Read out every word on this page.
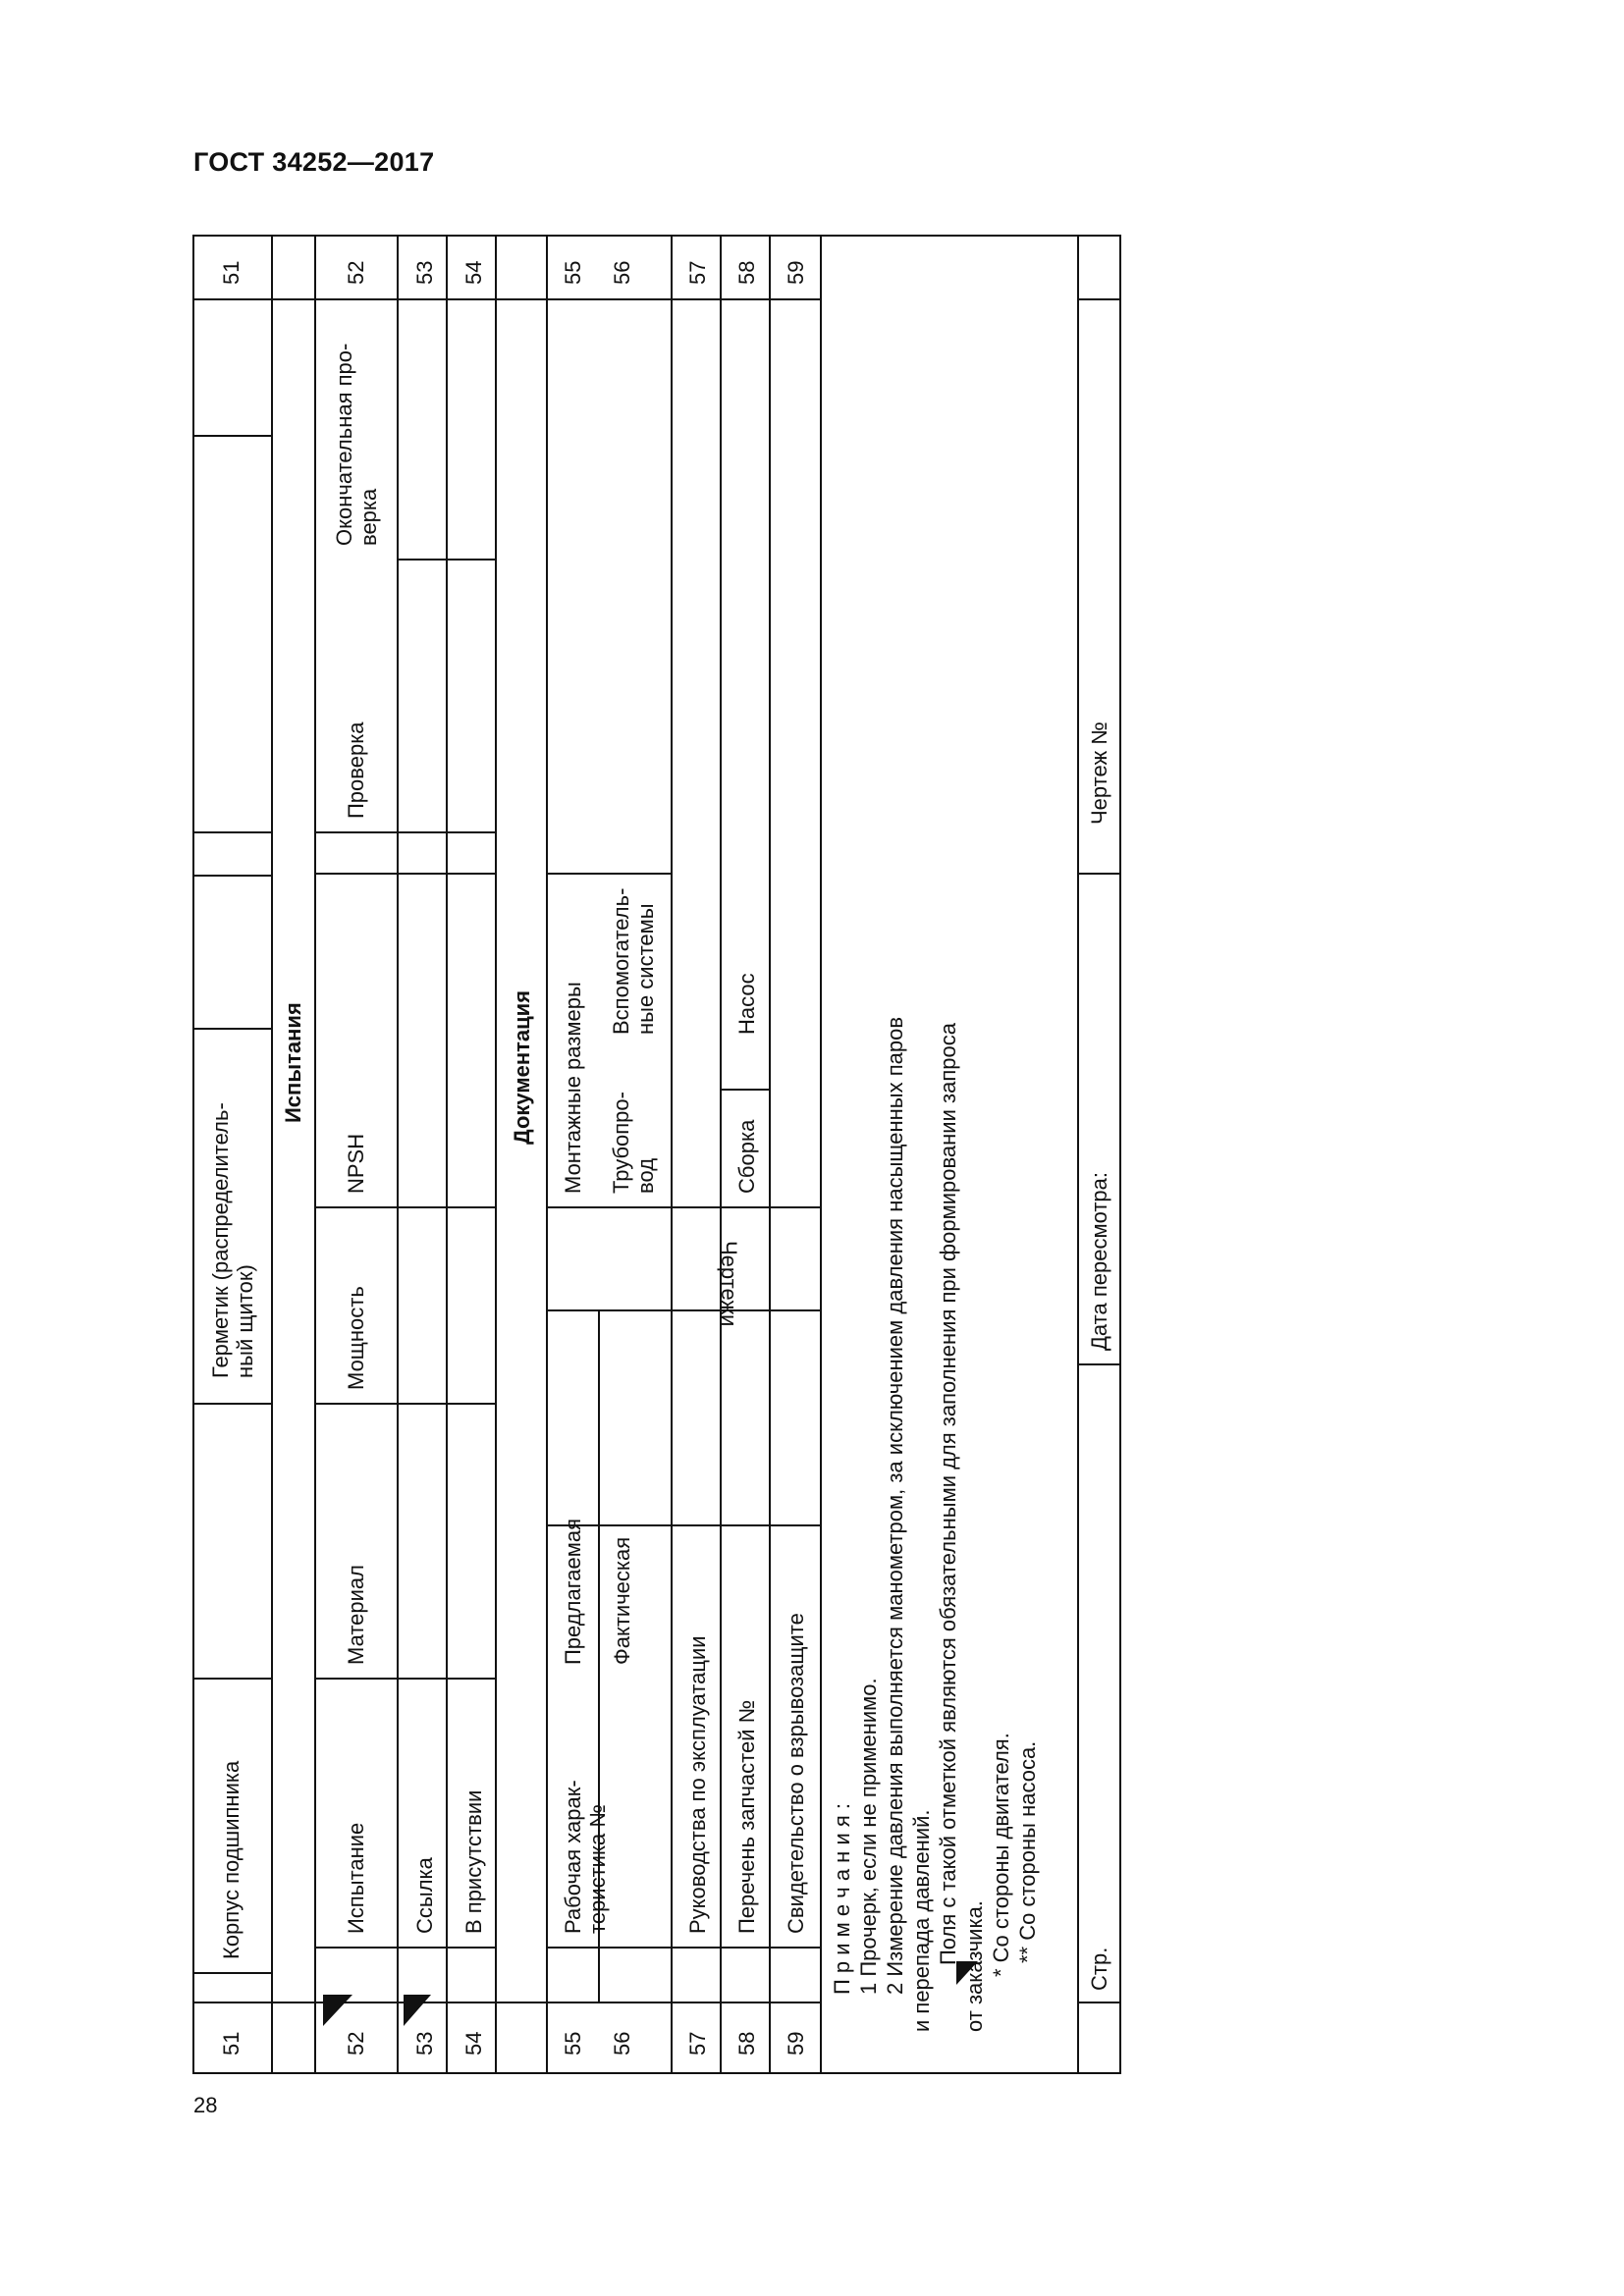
ГОСТ 34252—2017
51
Корпус подшипника
Герметик (распределитель- ный щиток)
51
Испытания
52
Испытание
Материал
Мощность
NPSH
Проверка
Окончательная про- верка
52
53
Ссылка
53
54
В присутствии
54
Документация
55
Рабочая харак- теристика №
Предлагаемая
Монтажные размеры
55
56
Фактическая
Чертежи
Трубопро- вод
Вспомогатель- ные системы
56
57
Руководства по эксплуатации
57
58
Перечень запчастей №
Сборка
Насос
58
59
Свидетельство о взрывозащите
59
П р и м е ч а н и я : 1 Прочерк, если не применимо. 2 Измерение давления выполняется манометром, за исключением давления насыщенных паров и перепада давлений. Поля с такой отметкой являются обязательными для заполнения при формировании запроса
от заказчика. * Со стороны двигателя. ** Со стороны насоса.
Стр.
Дата пересмотра:
Чертеж №
28
